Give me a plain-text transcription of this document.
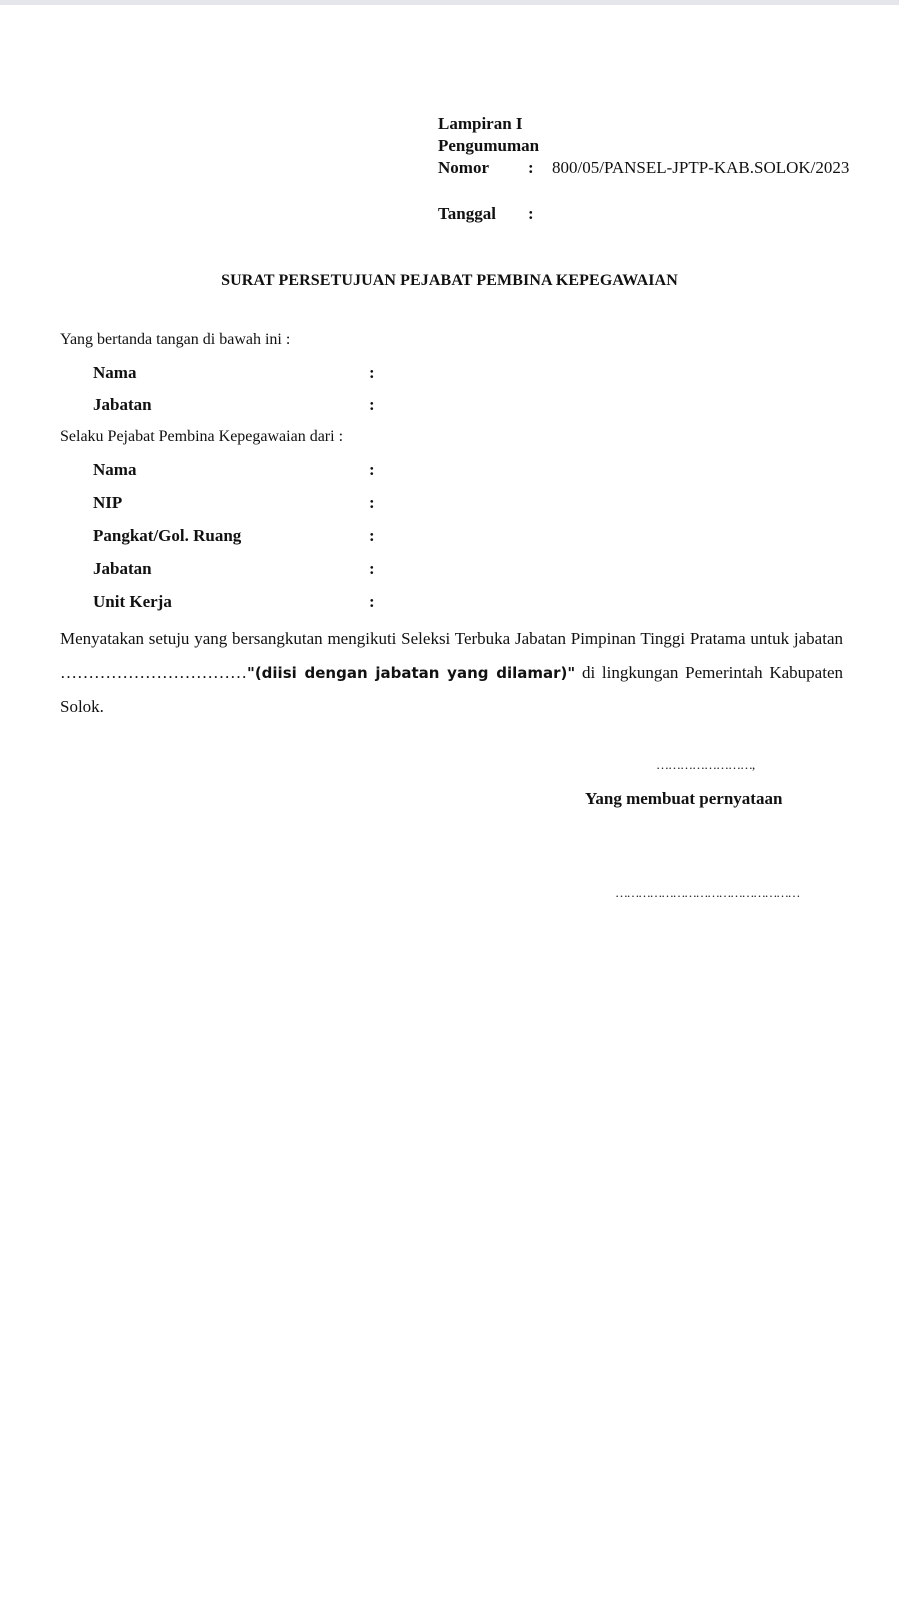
Lampiran I
Pengumuman
Nomor : 800/05/PANSEL-JPTP-KAB.SOLOK/2023
Tanggal :
SURAT PERSETUJUAN PEJABAT PEMBINA KEPEGAWAIAN
Yang bertanda tangan di bawah ini :
Nama	:
Jabatan	:
Selaku Pejabat Pembina Kepegawaian dari :
Nama	:
NIP	:
Pangkat/Gol. Ruang	:
Jabatan	:
Unit Kerja	:
Menyatakan setuju yang bersangkutan mengikuti Seleksi Terbuka Jabatan Pimpinan Tinggi Pratama untuk jabatan ……………………………"(diisi dengan jabatan yang dilamar)" di lingkungan Pemerintah Kabupaten Solok.
……………………,
Yang membuat pernyataan
…………………………………………
